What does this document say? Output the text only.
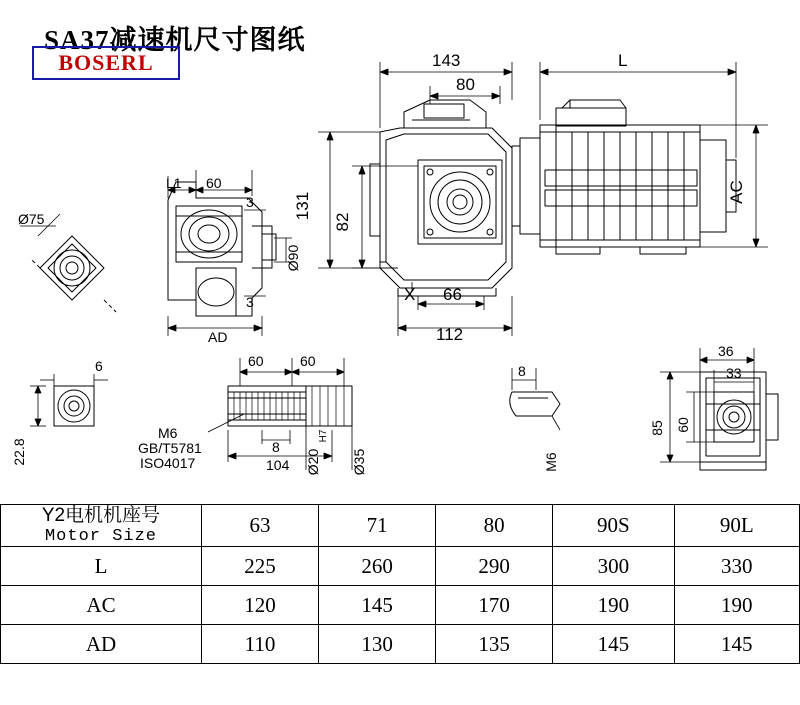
SA37减速机尺寸图纸
BOSERL	143
80
L
131
82
AC
66
112
X
Ø75
L1 60
3
3
Ø90
AD
6
22.8
60	60
8
104 Ø20
H7
Ø35
M6
GB/T5781
ISO4017
8
M6
36
33
85 60
Y2电机机座号
Motor Size	63	71	80	90S	90L
L	225	260	290	300	330
AC	120	145	170	190	190
AD	110	130	135	145	145
